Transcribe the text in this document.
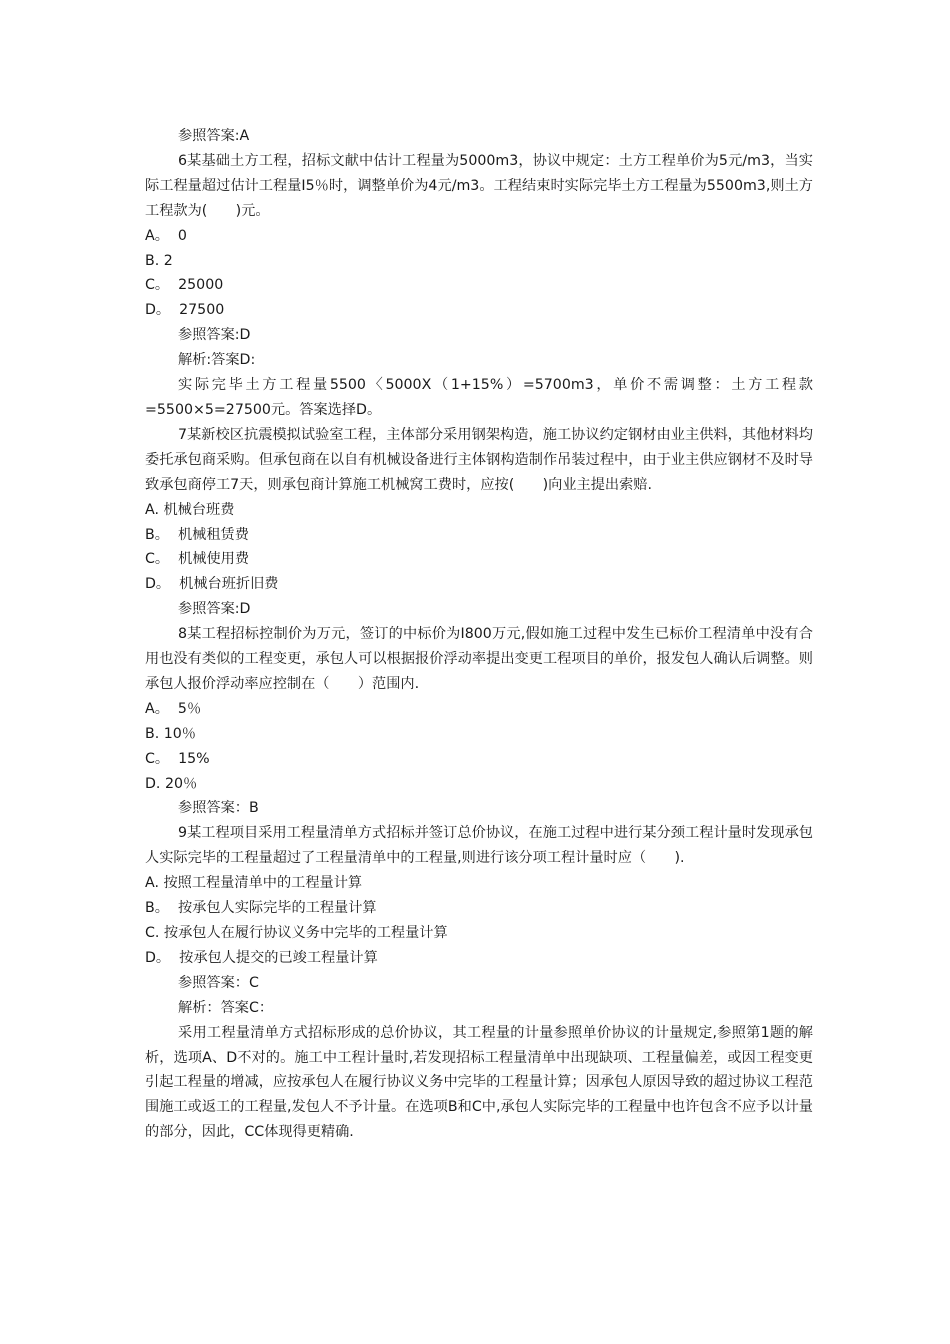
参照答案:A

6某基础土方工程，招标文献中估计工程量为5000m3，协议中规定：土方工程单价为5元/m3，当实际工程量超过估计工程量I5％时，调整单价为4元/m3。工程结束时实际完毕土方工程量为5500m3,则土方工程款为(　　)元。

A。  0

B. 2

C。  25000

D。  27500

参照答案:D

解析:答案D:

实际完毕土方工程量5500〈5000X（1+15%）=5700m3，单价不需调整：土方工程款=5500×5=27500元。答案选择D。

7某新校区抗震模拟试验室工程，主体部分采用钢架构造，施工协议约定钢材由业主供料，其他材料均委托承包商采购。但承包商在以自有机械设备进行主体钢构造制作吊装过程中，由于业主供应钢材不及时导致承包商停工7天，则承包商计算施工机械窝工费时，应按(　　)向业主提出索赔.

A. 机械台班费

B。  机械租赁费

C。  机械使用费

D。  机械台班折旧费

参照答案:D

8某工程招标控制价为万元，签订的中标价为I800万元,假如施工过程中发生已标价工程清单中没有合用也没有类似的工程变更，承包人可以根据报价浮动率提出变更工程项目的单价，报发包人确认后调整。则承包人报价浮动率应控制在（　　）范围内.

A。  5％

B. 10％

C。  15%

D. 20％

参照答案：B

9某工程项目采用工程量清单方式招标并签订总价协议，在施工过程中进行某分颈工程计量时发现承包人实际完毕的工程量超过了工程量清单中的工程量,则进行该分项工程计量时应（　　).

A. 按照工程量清单中的工程量计算

B。  按承包人实际完毕的工程量计算

C. 按承包人在履行协议义务中完毕的工程量计算

D。  按承包人提交的已竣工程量计算

参照答案：C

解析：答案C：

采用工程量清单方式招标形成的总价协议，其工程量的计量参照单价协议的计量规定,参照第1题的解析，选项A、D不对的。施工中工程计量时,若发现招标工程量清单中出现缺项、工程量偏差，或因工程变更引起工程量的增减，应按承包人在履行协议义务中完毕的工程量计算；因承包人原因导致的超过协议工程范围施工或返工的工程量,发包人不予计量。在选项B和C中,承包人实际完毕的工程量中也许包含不应予以计量的部分，因此，CC体现得更精确.
